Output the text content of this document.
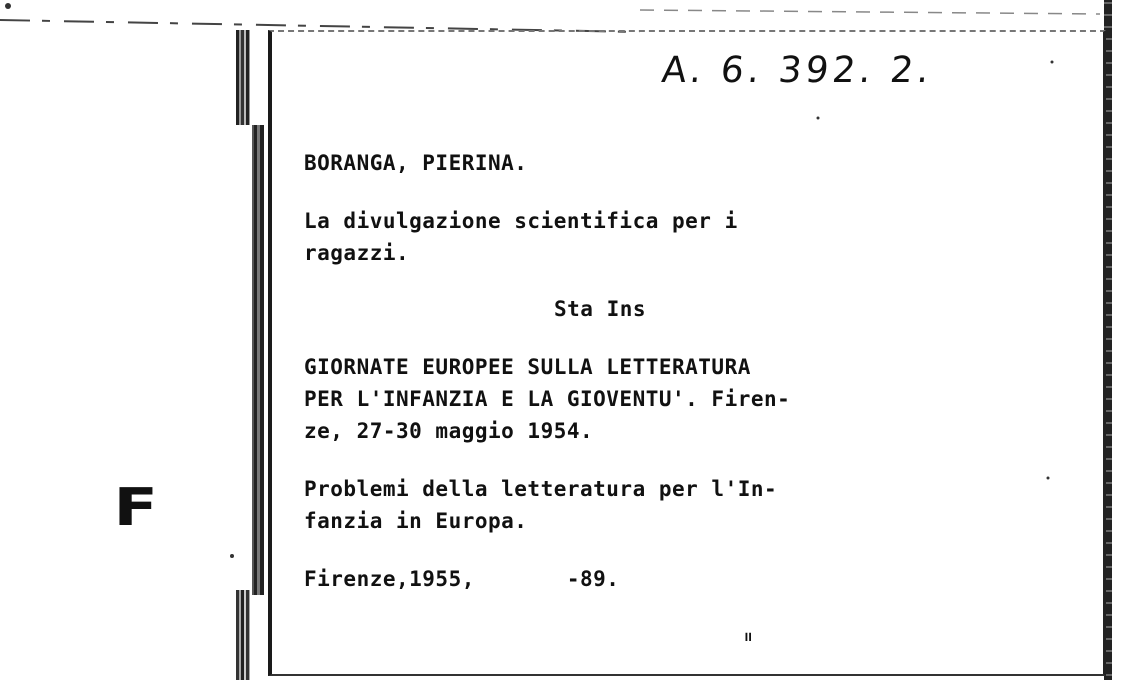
A. 6. 392. 2.
BORANGA, PIERINA.
La divulgazione scientifica per i
ragazzi.
Sta Ins
GIORNATE EUROPEE SULLA LETTERATURA
PER L'INFANZIA E LA GIOVENTU'. Firen-
ze, 27-30 maggio 1954.
Problemi della letteratura per l'In-
fanzia in Europa.
Firenze,1955,       -89.
F
=
